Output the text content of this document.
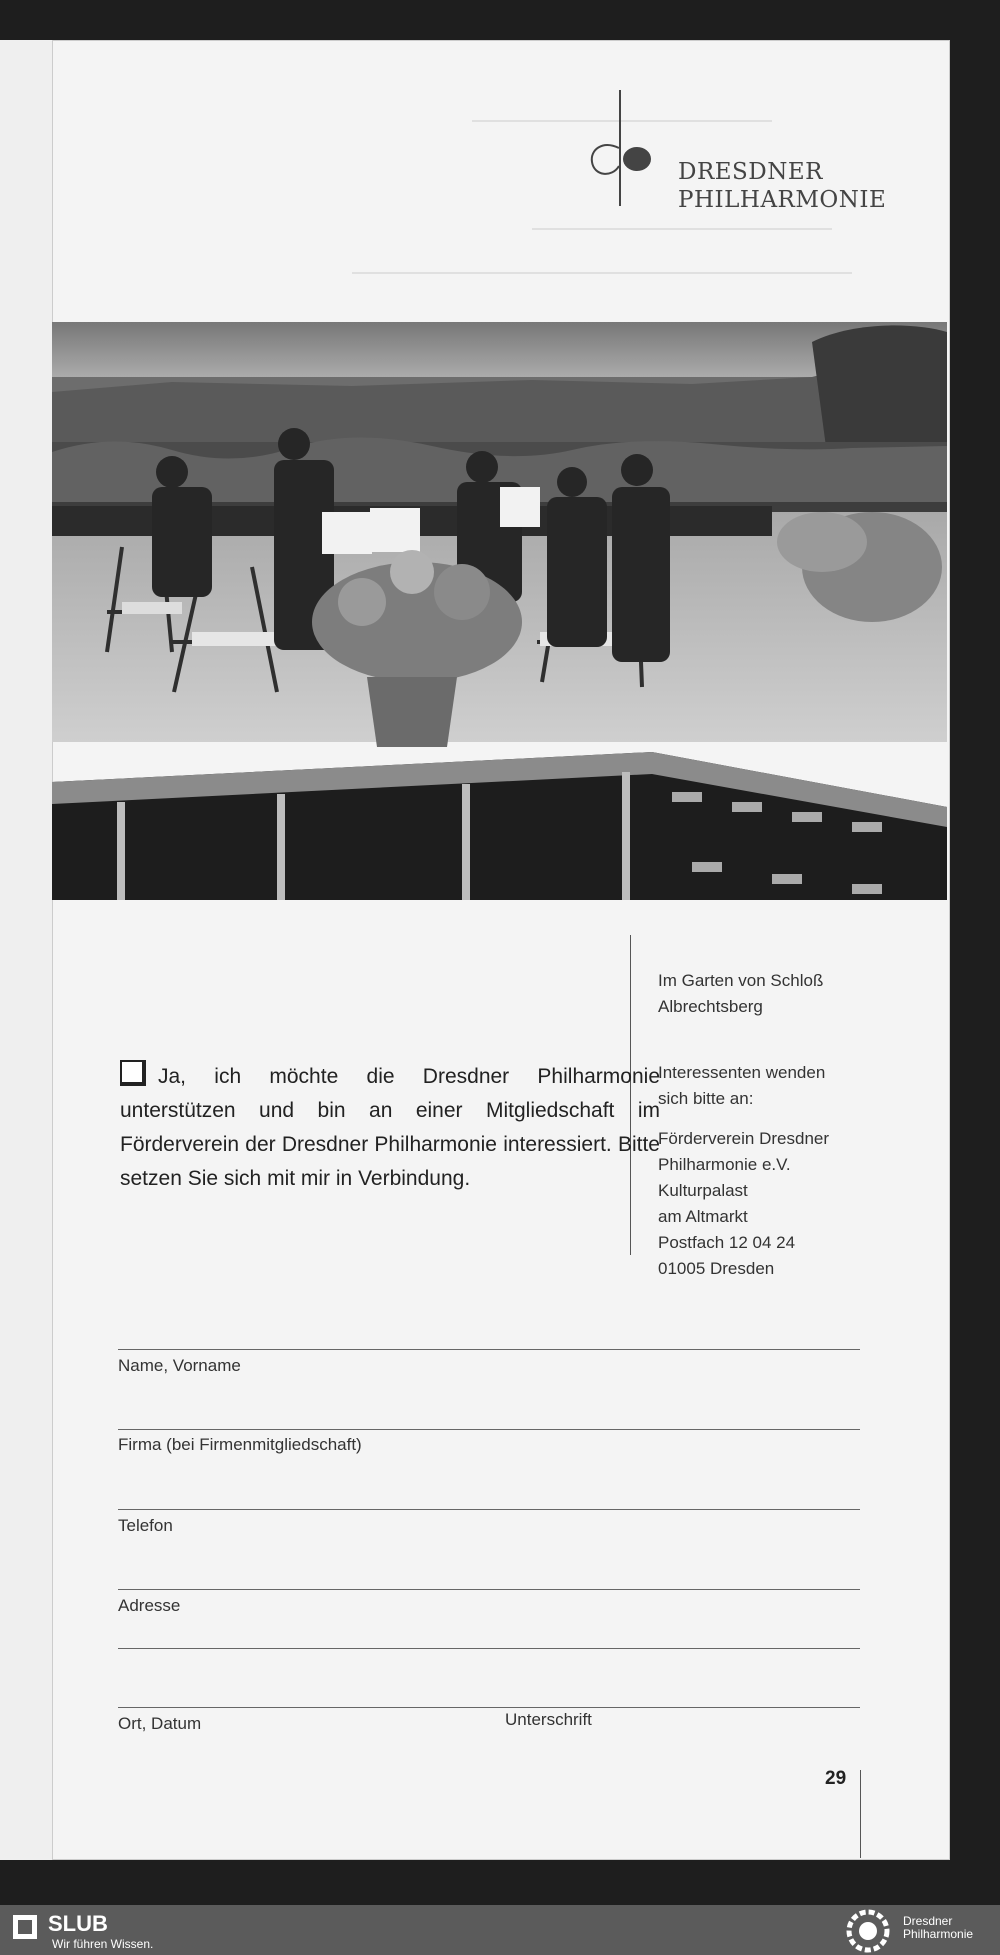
DRESDNER
PHILHARMONIE

Im Garten von Schloß
Albrechtsberg

Interessenten wenden
sich bitte an:

Förderverein Dresdner
Philharmonie e.V.
Kulturpalast
am Altmarkt
Postfach 12 04 24
01005 Dresden

Ja, ich möchte die Dresdner Philharmonie unterstützen und bin an einer Mitgliedschaft im Förderverein der Dresdner Philharmonie interessiert. Bitte setzen Sie sich mit mir in Verbindung.
Name, Vorname
Firma (bei Firmenmitgliedschaft)
Telefon
Adresse
Ort, Datum	Unterschrift
29
SLUB
Wir führen Wissen.
Dresdner
Philharmonie
